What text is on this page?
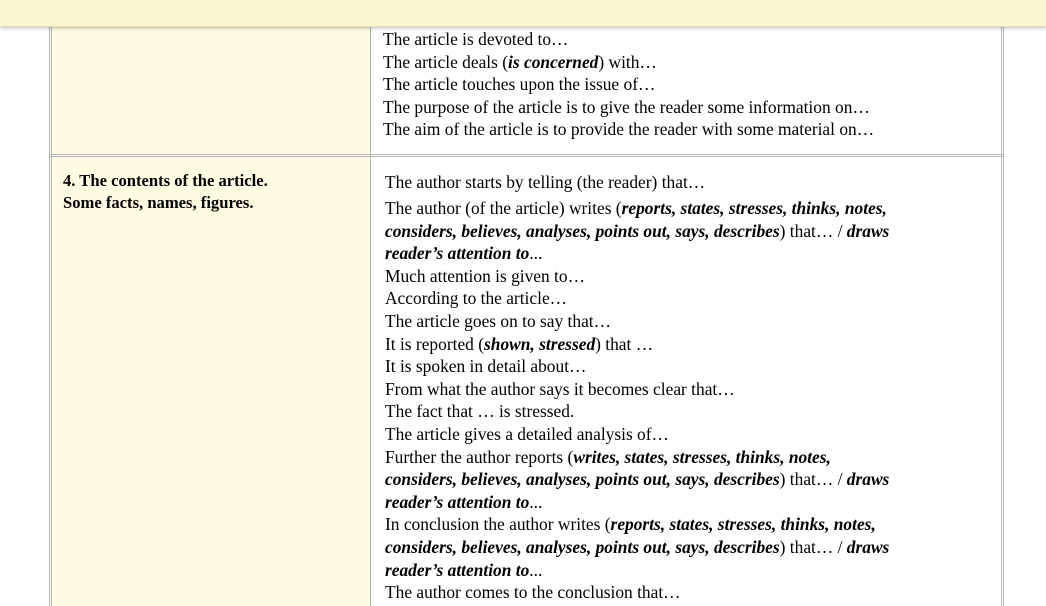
The article is devoted to…
The article deals (is concerned) with…
The article touches upon the issue of…
The purpose of the article is to give the reader some information on…
The aim of the article is to provide the reader with some material on…
4. The contents of the article.
Some facts, names, figures.
The author starts by telling (the reader) that…
The author (of the article) writes (reports, states, stresses, thinks, notes,
considers, believes, analyses, points out, says, describes) that… / draws
reader’s attention to...
Much attention is given to…
According to the article…
The article goes on to say that…
It is reported (shown, stressed) that …
It is spoken in detail about…
From what the author says it becomes clear that…
The fact that … is stressed.
The article gives a detailed analysis of…
Further the author reports (writes, states, stresses, thinks, notes,
considers, believes, analyses, points out, says, describes) that… / draws
reader’s attention to...
In conclusion the author writes (reports, states, stresses, thinks, notes,
considers, believes, analyses, points out, says, describes) that… / draws
reader’s attention to...
The author comes to the conclusion that…
